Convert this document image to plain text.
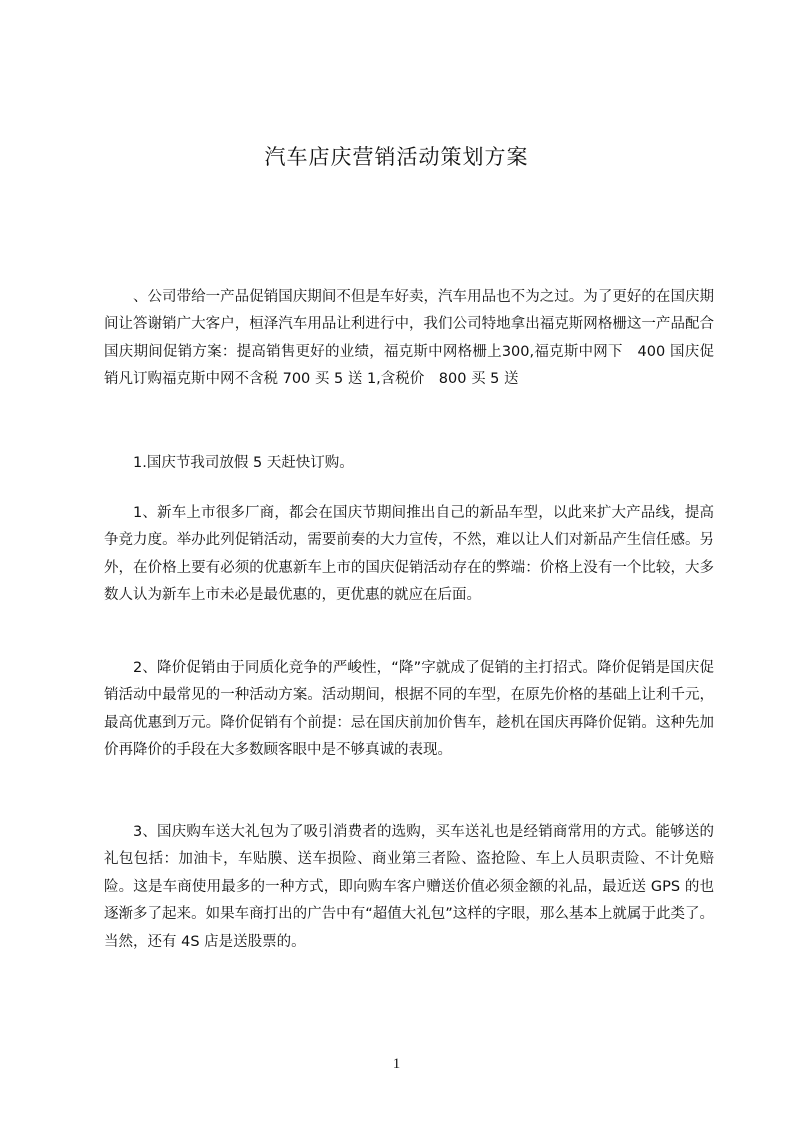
汽车店庆营销活动策划方案

、公司带给一产品促销国庆期间不但是车好卖，汽车用品也不为之过。为了更好的在国庆期间让答谢销广大客户，桓泽汽车用品让利进行中，我们公司特地拿出福克斯网格栅这一产品配合国庆期间促销方案：提高销售更好的业绩，福克斯中网格栅上300,福克斯中网下　400 国庆促销凡订购福克斯中网不含税 700 买 5 送 1,含税价　800 买 5 送

1.国庆节我司放假 5 天赶快订购。

1、新车上市很多厂商，都会在国庆节期间推出自己的新品车型，以此来扩大产品线，提高争竞力度。举办此列促销活动，需要前奏的大力宣传，不然，难以让人们对新品产生信任感。另外，在价格上要有必须的优惠新车上市的国庆促销活动存在的弊端：价格上没有一个比较，大多数人认为新车上市未必是最优惠的，更优惠的就应在后面。

2、降价促销由于同质化竞争的严峻性，“降”字就成了促销的主打招式。降价促销是国庆促销活动中最常见的一种活动方案。活动期间，根据不同的车型，在原先价格的基础上让利千元，最高优惠到万元。降价促销有个前提：忌在国庆前加价售车，趁机在国庆再降价促销。这种先加价再降价的手段在大多数顾客眼中是不够真诚的表现。

3、国庆购车送大礼包为了吸引消费者的选购，买车送礼也是经销商常用的方式。能够送的礼包包括：加油卡，车贴膜、送车损险、商业第三者险、盗抢险、车上人员职责险、不计免赔险。这是车商使用最多的一种方式，即向购车客户赠送价值必须金额的礼品，最近送 GPS 的也逐渐多了起来。如果车商打出的广告中有“超值大礼包”这样的字眼，那么基本上就属于此类了。当然，还有 4S 店是送股票的。

1
